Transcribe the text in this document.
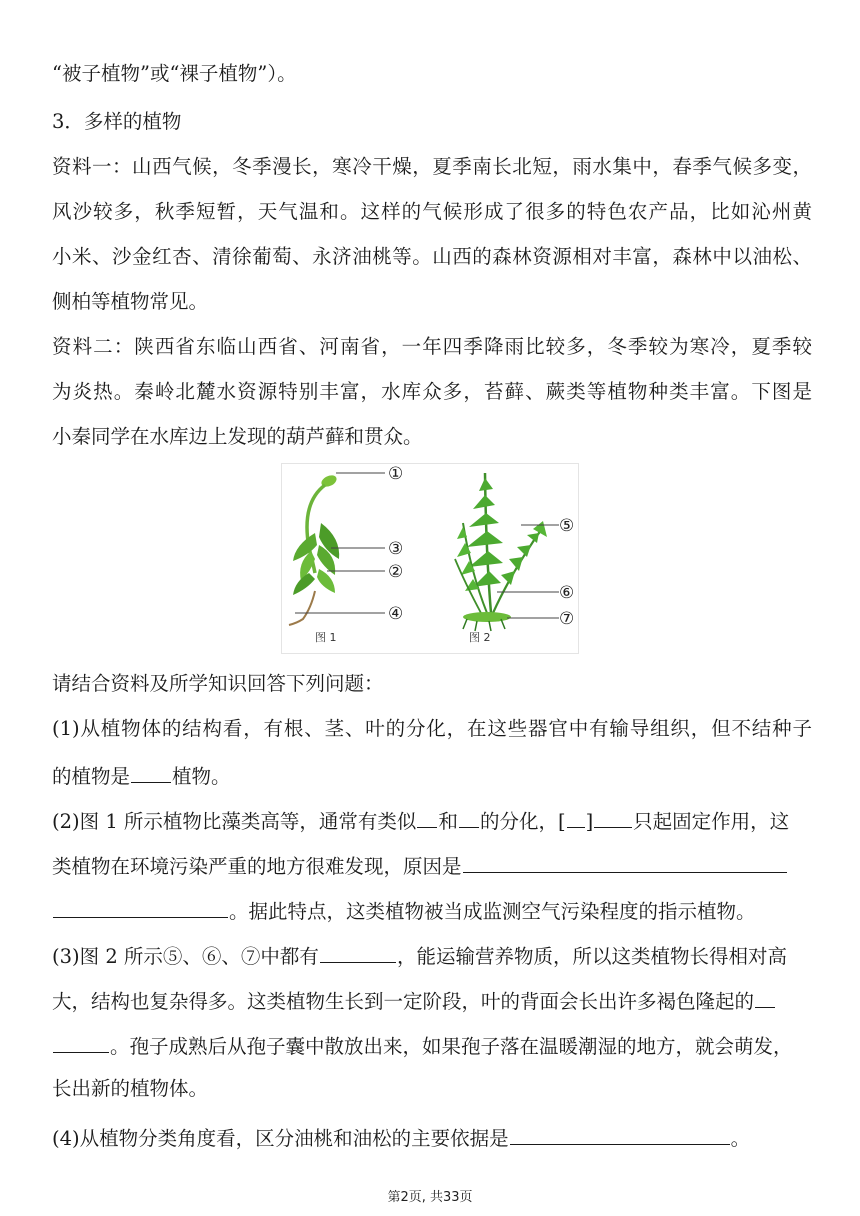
“被子植物”或“裸子植物”）。
3．多样的植物
资料一：山西气候，冬季漫长，寒冷干燥，夏季南长北短，雨水集中，春季气候多变，
风沙较多，秋季短暂，天气温和。这样的气候形成了很多的特色农产品，比如沁州黄
小米、沙金红杏、清徐葡萄、永济油桃等。山西的森林资源相对丰富，森林中以油松、
侧柏等植物常见。
资料二：陕西省东临山西省、河南省，一年四季降雨比较多，冬季较为寒冷，夏季较
为炎热。秦岭北麓水资源特别丰富，水库众多，苔藓、蕨类等植物种类丰富。下图是
小秦同学在水库边上发现的葫芦藓和贯众。
①
③
②
④
⑤
⑥
⑦
图 1	图 2
请结合资料及所学知识回答下列问题：
(1)从植物体的结构看，有根、茎、叶的分化，在这些器官中有输导组织，但不结种子
的植物是 植物。
(2)图 1 所示植物比藻类高等，通常有类似 和 的分化，[ ] 只起固定作用，这
类植物在环境污染严重的地方很难发现，原因是
。据此特点，这类植物被当成监测空气污染程度的指示植物。
(3)图 2 所示⑤、⑥、⑦中都有	，能运输营养物质，所以这类植物长得相对高
大，结构也复杂得多。这类植物生长到一定阶段，叶的背面会长出许多褐色隆起的
。孢子成熟后从孢子囊中散放出来，如果孢子落在温暖潮湿的地方，就会萌发，
长出新的植物体。
(4)从植物分类角度看，区分油桃和油松的主要依据是	。
第2页, 共33页
